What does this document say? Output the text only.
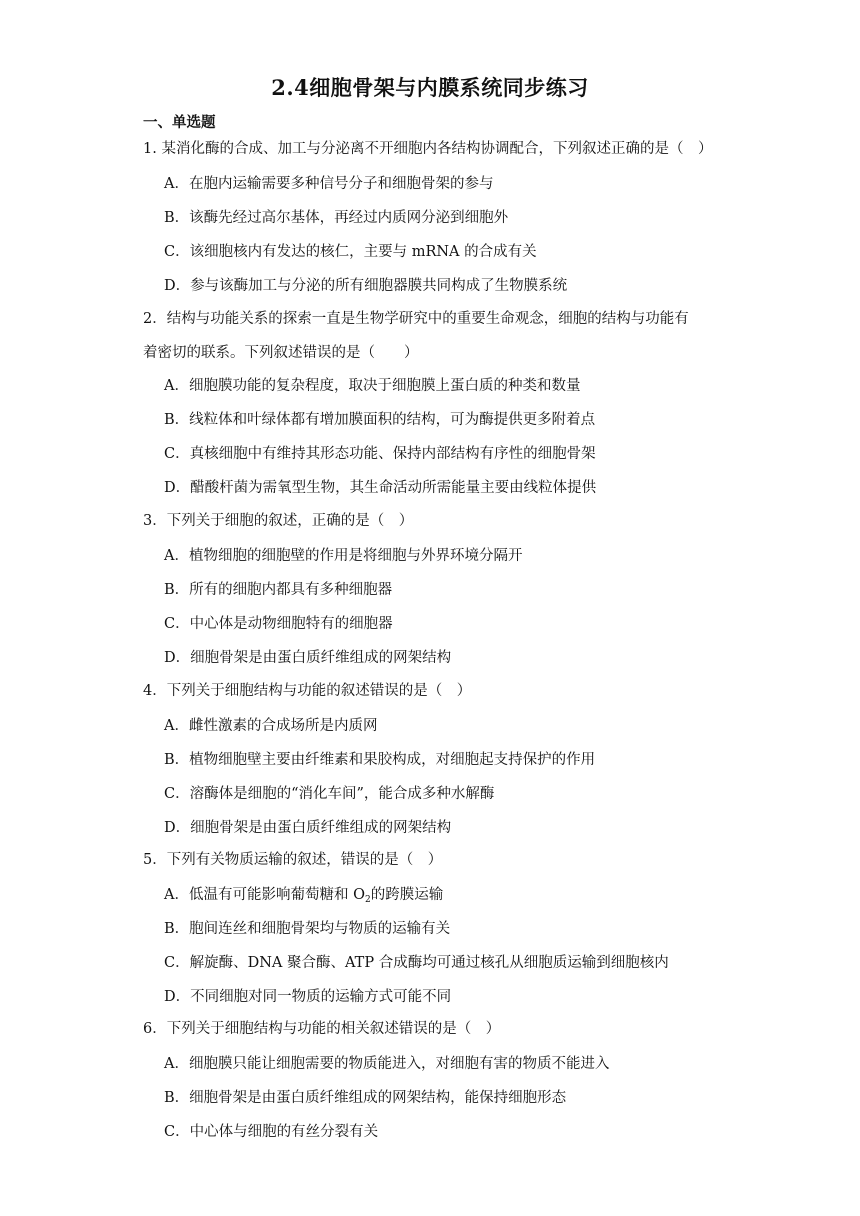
2.4细胞骨架与内膜系统同步练习
一、单选题
1. 某消化酶的合成、加工与分泌离不开细胞内各结构协调配合，下列叙述正确的是（　）
A．在胞内运输需要多种信号分子和细胞骨架的参与
B．该酶先经过高尔基体，再经过内质网分泌到细胞外
C．该细胞核内有发达的核仁，主要与 mRNA 的合成有关
D．参与该酶加工与分泌的所有细胞器膜共同构成了生物膜系统
2．结构与功能关系的探索一直是生物学研究中的重要生命观念，细胞的结构与功能有
着密切的联系。下列叙述错误的是（　　）
A．细胞膜功能的复杂程度，取决于细胞膜上蛋白质的种类和数量
B．线粒体和叶绿体都有增加膜面积的结构，可为酶提供更多附着点
C．真核细胞中有维持其形态功能、保持内部结构有序性的细胞骨架
D．醋酸杆菌为需氧型生物，其生命活动所需能量主要由线粒体提供
3．下列关于细胞的叙述，正确的是（　）
A．植物细胞的细胞壁的作用是将细胞与外界环境分隔开
B．所有的细胞内都具有多种细胞器
C．中心体是动物细胞特有的细胞器
D．细胞骨架是由蛋白质纤维组成的网架结构
4．下列关于细胞结构与功能的叙述错误的是（　）
A．雌性激素的合成场所是内质网
B．植物细胞壁主要由纤维素和果胶构成，对细胞起支持保护的作用
C．溶酶体是细胞的“消化车间”，能合成多种水解酶
D．细胞骨架是由蛋白质纤维组成的网架结构
5．下列有关物质运输的叙述，错误的是（　）
A．低温有可能影响葡萄糖和 $O_2$的跨膜运输
B．胞间连丝和细胞骨架均与物质的运输有关
C．解旋酶、DNA 聚合酶、ATP 合成酶均可通过核孔从细胞质运输到细胞核内
D．不同细胞对同一物质的运输方式可能不同
6．下列关于细胞结构与功能的相关叙述错误的是（　）
A．细胞膜只能让细胞需要的物质能进入，对细胞有害的物质不能进入
B．细胞骨架是由蛋白质纤维组成的网架结构，能保持细胞形态
C．中心体与细胞的有丝分裂有关
